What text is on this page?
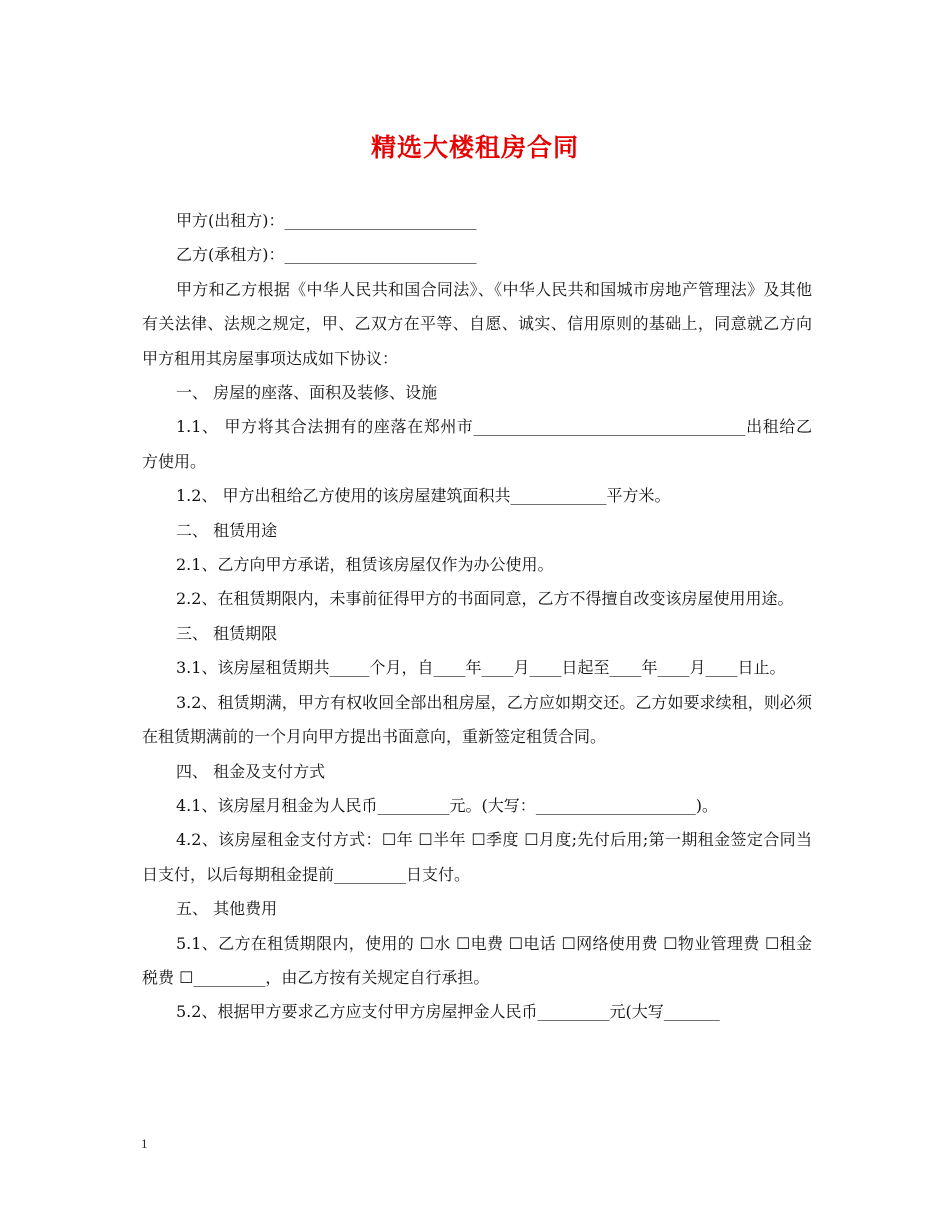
精选大楼租房合同

甲方(出租方)：________________________

乙方(承租方)：________________________

甲方和乙方根据《中华人民共和国合同法》、《中华人民共和国城市房地产管理法》及其他有关法律、法规之规定，甲、乙双方在平等、自愿、诚实、信用原则的基础上，同意就乙方向甲方租用其房屋事项达成如下协议：

一、 房屋的座落、面积及装修、设施

1.1、 甲方将其合法拥有的座落在郑州市__________________________________出租给乙方使用。

1.2、 甲方出租给乙方使用的该房屋建筑面积共____________平方米。

二、 租赁用途

2.1、乙方向甲方承诺，租赁该房屋仅作为办公使用。

2.2、在租赁期限内，未事前征得甲方的书面同意，乙方不得擅自改变该房屋使用用途。

三、 租赁期限

3.1、该房屋租赁期共_____个月，自____年____月____日起至____年____月____日止。

3.2、租赁期满，甲方有权收回全部出租房屋，乙方应如期交还。乙方如要求续租，则必须在租赁期满前的一个月向甲方提出书面意向，重新签定租赁合同。

四、 租金及支付方式

4.1、该房屋月租金为人民币_________元。(大写：____________________)。

4.2、该房屋租金支付方式：☐年 ☐半年 ☐季度 ☐月度;先付后用;第一期租金签定合同当日支付，以后每期租金提前_________日支付。

五、 其他费用

5.1、乙方在租赁期限内，使用的 ☐水 ☐电费 ☐电话 ☐网络使用费 ☐物业管理费 ☐租金税费 ☐_________，由乙方按有关规定自行承担。

5.2、根据甲方要求乙方应支付甲方房屋押金人民币_________元(大写_______

1
